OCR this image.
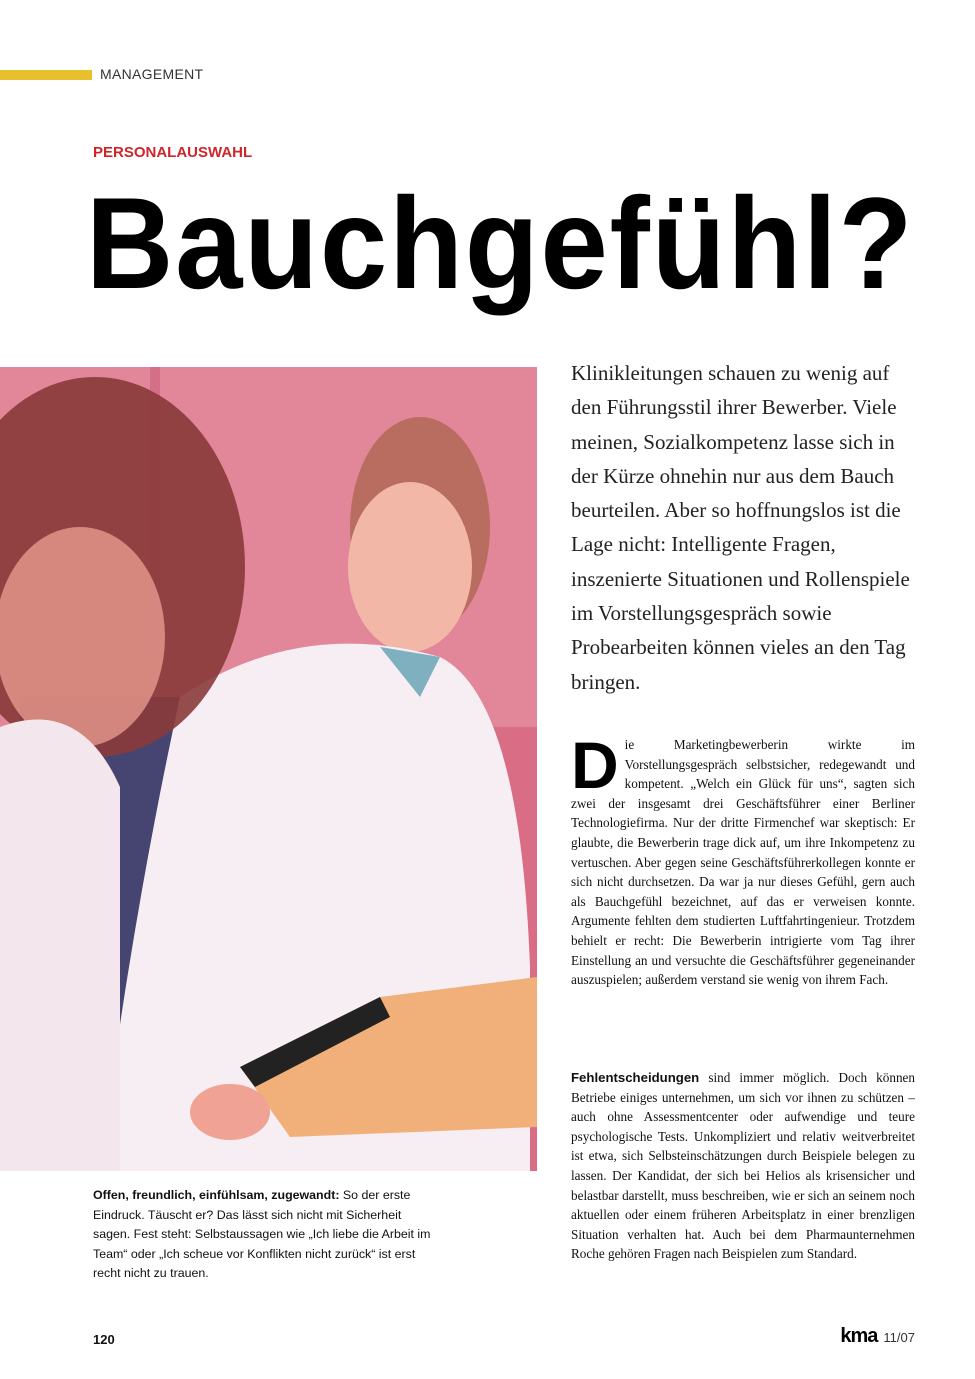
MANAGEMENT
PERSONALAUSWAHL
Bauchgefühl?
Offen, freundlich, einfühlsam, zugewandt: So der erste Eindruck. Täuscht er? Das lässt sich nicht mit Sicherheit sagen. Fest steht: Selbstaussagen wie „Ich liebe die Arbeit im Team“ oder „Ich scheue vor Konflikten nicht zurück“ ist erst recht nicht zu trauen.

Klinikleitungen schauen zu wenig auf den Führungsstil ihrer Bewerber. Viele meinen, Sozialkompetenz lasse sich in der Kürze ohnehin nur aus dem Bauch beurteilen. Aber so hoffnungslos ist die Lage nicht: Intelligente Fragen, inszenierte Situationen und Rollenspiele im Vorstellungsgespräch sowie Probearbeiten können vieles an den Tag bringen.

Die Marketingbewerberin wirkte im Vorstellungsgespräch selbstsicher, redegewandt und kompetent. „Welch ein Glück für uns“, sagten sich zwei der insgesamt drei Geschäftsführer einer Berliner Technologiefirma. Nur der dritte Firmenchef war skeptisch: Er glaubte, die Bewerberin trage dick auf, um ihre Inkompetenz zu vertuschen. Aber gegen seine Geschäftsführerkollegen konnte er sich nicht durchsetzen. Da war ja nur dieses Gefühl, gern auch als Bauchgefühl bezeichnet, auf das er verweisen konnte. Argumente fehlten dem studierten Luftfahrtingenieur. Trotzdem behielt er recht: Die Bewerberin intrigierte vom Tag ihrer Einstellung an und versuchte die Geschäftsführer gegeneinander auszuspielen; außerdem verstand sie wenig von ihrem Fach.

Fehlentscheidungen sind immer möglich. Doch können Betriebe einiges unternehmen, um sich vor ihnen zu schützen – auch ohne Assessmentcenter oder aufwendige und teure psychologische Tests. Unkompliziert und relativ weitverbreitet ist etwa, sich Selbsteinschätzungen durch Beispiele belegen zu lassen. Der Kandidat, der sich bei Helios als krisensicher und belastbar darstellt, muss beschreiben, wie er sich an seinem noch aktuellen oder einem früheren Arbeitsplatz in einer brenzligen Situation verhalten hat. Auch bei dem Pharmaunternehmen Roche gehören Fragen nach Beispielen zum Standard.

120	kma 11/07
